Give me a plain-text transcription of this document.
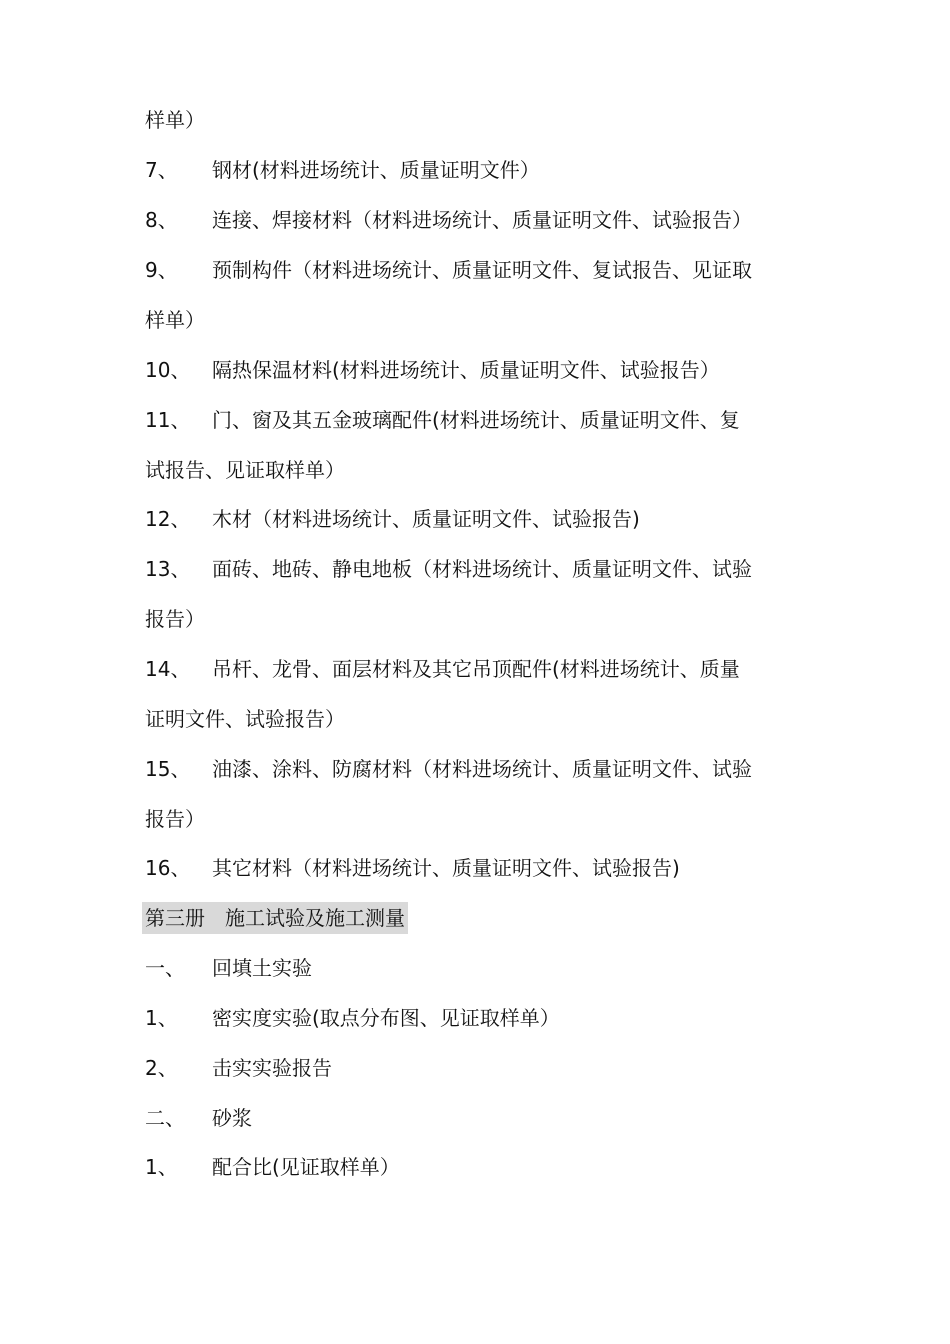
样单）
7、 钢材(材料进场统计、质量证明文件）
8、 连接、焊接材料（材料进场统计、质量证明文件、试验报告）
9、 预制构件（材料进场统计、质量证明文件、复试报告、见证取
样单）
10、 隔热保温材料(材料进场统计、质量证明文件、试验报告）
11、 门、窗及其五金玻璃配件(材料进场统计、质量证明文件、复
试报告、见证取样单）
12、 木材（材料进场统计、质量证明文件、试验报告)
13、 面砖、地砖、静电地板（材料进场统计、质量证明文件、试验
报告）
14、 吊杆、龙骨、面层材料及其它吊顶配件(材料进场统计、质量
证明文件、试验报告）
15、 油漆、涂料、防腐材料（材料进场统计、质量证明文件、试验
报告）
16、 其它材料（材料进场统计、质量证明文件、试验报告)
第三册　施工试验及施工测量
一、 回填土实验
1、 密实度实验(取点分布图、见证取样单）
2、 击实实验报告
二、 砂浆
1、 配合比(见证取样单）
